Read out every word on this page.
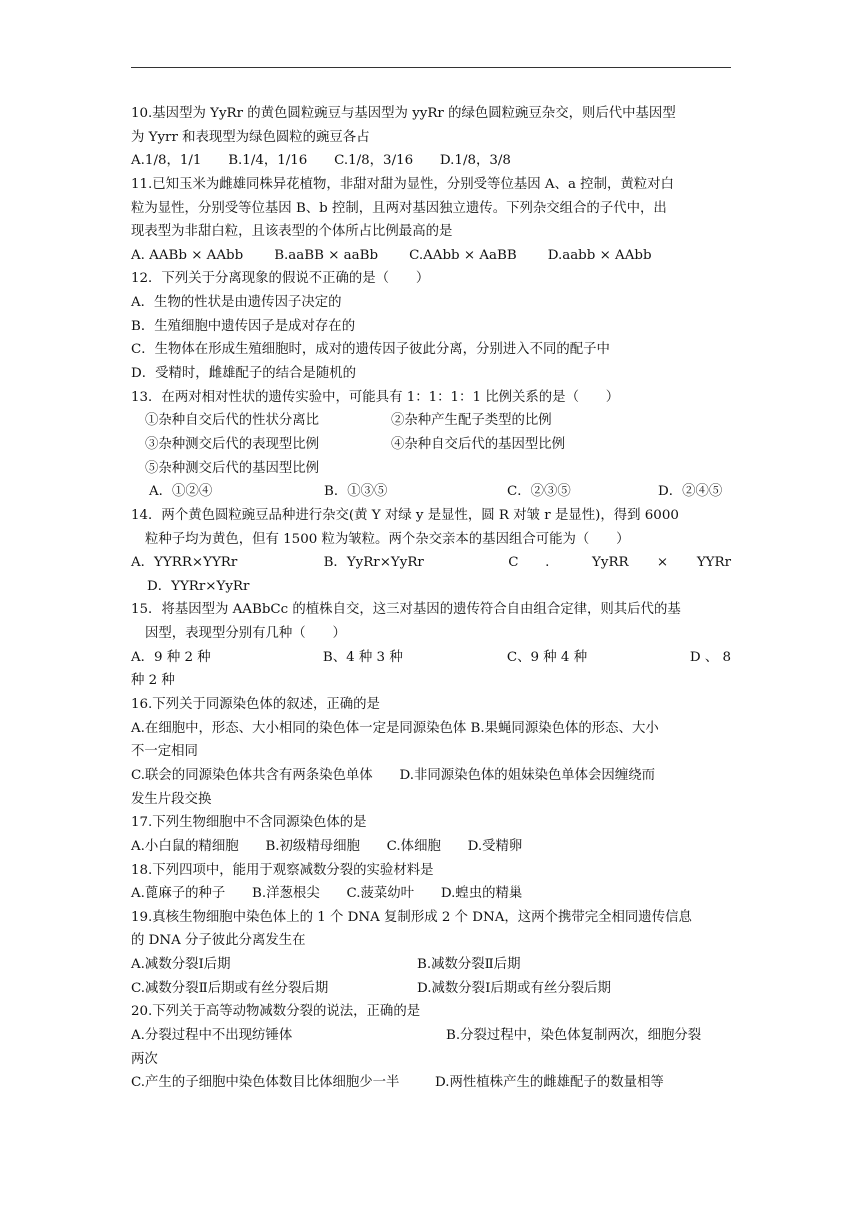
10.基因型为 YyRr 的黄色圆粒豌豆与基因型为 yyRr 的绿色圆粒豌豆杂交，则后代中基因型
为 Yyrr 和表现型为绿色圆粒的豌豆各占
A.1/8，1/1　　B.1/4，1/16　　C.1/8，3/16　　D.1/8，3/8
11.已知玉米为雌雄同株异花植物，非甜对甜为显性，分别受等位基因 A、a 控制，黄粒对白
粒为显性，分别受等位基因 B、b 控制，且两对基因独立遗传。下列杂交组合的子代中，出
现表型为非甜白粒，且该表型的个体所占比例最高的是
A. AABb × AAbb　　 B.aaBB × aaBb　　 C.AAbb × AaBB　　 D.aabb × AAbb
12．下列关于分离现象的假说不正确的是（　　）
A．生物的性状是由遗传因子决定的
B．生殖细胞中遗传因子是成对存在的
C．生物体在形成生殖细胞时，成对的遗传因子彼此分离，分别进入不同的配子中
D．受精时，雌雄配子的结合是随机的
13．在两对相对性状的遗传实验中，可能具有 1：1：1：1 比例关系的是（　　）
①杂种自交后代的性状分离比	②杂种产生配子类型的比例
③杂种测交后代的表现型比例	④杂种自交后代的基因型比例
⑤杂种测交后代的基因型比例
A．①②④	B．①③⑤	C．②③⑤	D．②④⑤
14．两个黄色圆粒豌豆品种进行杂交(黄 Y 对绿 y 是显性，圆 R 对皱 r 是显性)，得到 6000
粒种子均为黄色，但有 1500 粒为皱粒。两个杂交亲本的基因组合可能为（　　）
A．YYRR×YYRr	B．YyRr×YyRr	C	.	YyRR	×	YYRr
D．YYRr×YyRr
15．将基因型为 AABbCc 的植株自交，这三对基因的遗传符合自由组合定律，则其后代的基
因型，表现型分别有几种（　　）
A．9 种 2 种	B、4 种 3 种	C、9 种 4 种	D 、 8
种 2 种
16.下列关于同源染色体的叙述，正确的是
A.在细胞中，形态、大小相同的染色体一定是同源染色体 B.果蝇同源染色体的形态、大小
不一定相同
C.联会的同源染色体共含有两条染色单体　　D.非同源染色体的姐妹染色单体会因缠绕而
发生片段交换
17.下列生物细胞中不含同源染色体的是
A.小白鼠的精细胞　　B.初级精母细胞　　C.体细胞　　D.受精卵
18.下列四项中，能用于观察减数分裂的实验材料是
A.蓖麻子的种子　　B.洋葱根尖　　C.菠菜幼叶　　D.蝗虫的精巢
19.真核生物细胞中染色体上的 1 个 DNA 复制形成 2 个 DNA，这两个携带完全相同遗传信息
的 DNA 分子彼此分离发生在
A.减数分裂Ⅰ后期	B.减数分裂Ⅱ后期
C.减数分裂Ⅱ后期或有丝分裂后期	D.减数分裂Ⅰ后期或有丝分裂后期
20.下列关于高等动物减数分裂的说法，正确的是
A.分裂过程中不出现纺锤体	B.分裂过程中，染色体复制两次，细胞分裂
两次
C.产生的子细胞中染色体数目比体细胞少一半	D.两性植株产生的雌雄配子的数量相等
